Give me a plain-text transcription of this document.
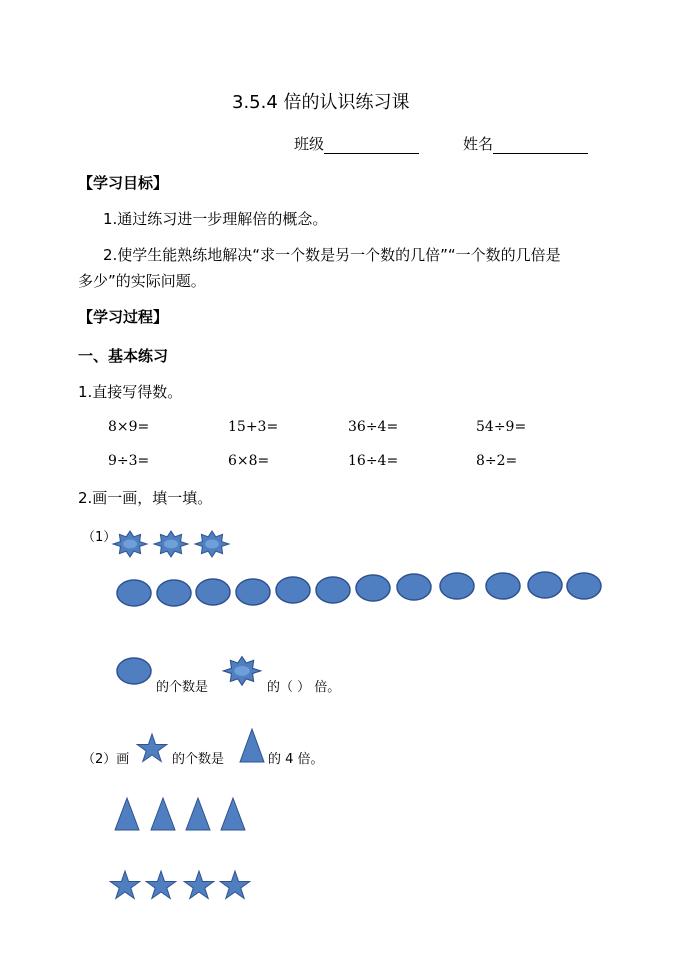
3.5.4 倍的认识练习课
班级	姓名
【学习目标】
1.通过练习进一步理解倍的概念。
2.使学生能熟练地解决“求一个数是另一个数的几倍”“一个数的几倍是
多少”的实际问题。
【学习过程】
一、基本练习
1.直接写得数。
8×9=	15+3=	36÷4=	54÷9=
9÷3=	6×8=	16÷4=	8÷2=
2.画一画，填一填。
（1）
的个数是	的（ ） 倍。
（2）画	的个数是	的 4 倍。
